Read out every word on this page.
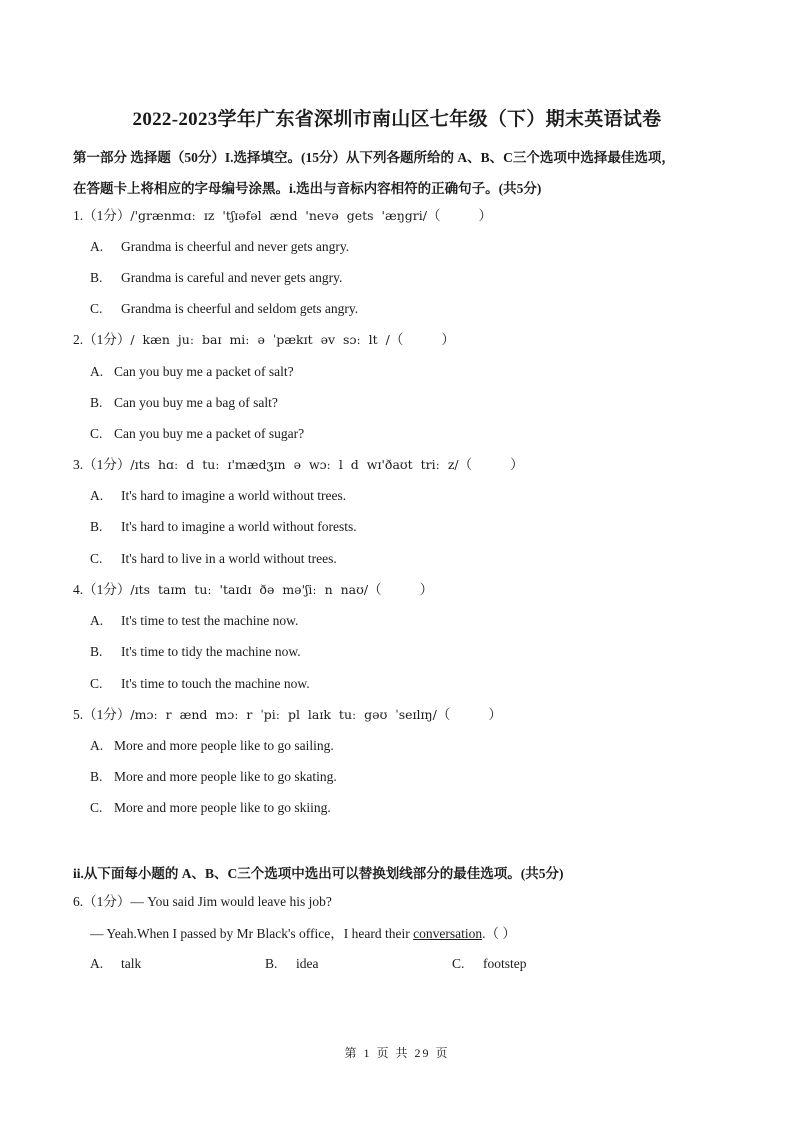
2022-2023学年广东省深圳市南山区七年级（下）期末英语试卷
第一部分 选择题（50分）I.选择填空。(15分）从下列各题所给的 A、B、C三个选项中选择最佳选项，
在答题卡上将相应的字母编号涂黑。i.选出与音标内容相符的正确句子。(共5分)
1.（1分）/'grænmɑː ɪz 'tʃɪəfəl ænd 'nevə gets 'æŋgri/（	）
A. Grandma is cheerful and never gets angry.
B. Grandma is careful and never gets angry.
C. Grandma is cheerful and seldom gets angry.
2.（1分）/ kæn juː baɪ miː ə ˈpækɪt əv sɔː lt /（	）
A. Can you buy me a packet of salt?
B. Can you buy me a bag of salt?
C. Can you buy me a packet of sugar?
3.（1分）/ɪts hɑː d tuː ɪ'mædʒɪn ə wɔː l d wɪ'ðaʊt triː z/（	）
A. It's hard to imagine a world without trees.
B. It's hard to imagine a world without forests.
C. It's hard to live in a world without trees.
4.（1分）/ɪts taɪm tuː 'taɪdɪ ðə mə'ʃiː n naʊ/（	）
A. It's time to test the machine now.
B. It's time to tidy the machine now.
C. It's time to touch the machine now.
5.（1分）/mɔː r ænd mɔː r ˈpiː pl laɪk tuː gəʊ ˈseɪlɪŋ/（	）
A. More and more people like to go sailing.
B. More and more people like to go skating.
C. More and more people like to go skiing.
ii.从下面每小题的 A、B、C三个选项中选出可以替换划线部分的最佳选项。(共5分)
6.（1分）— You said Jim would leave his job?
— Yeah.When I passed by Mr Black's office，I heard their conversation.（ ）
A. talk	B. idea	C. footstep
第 1 页 共 29 页
